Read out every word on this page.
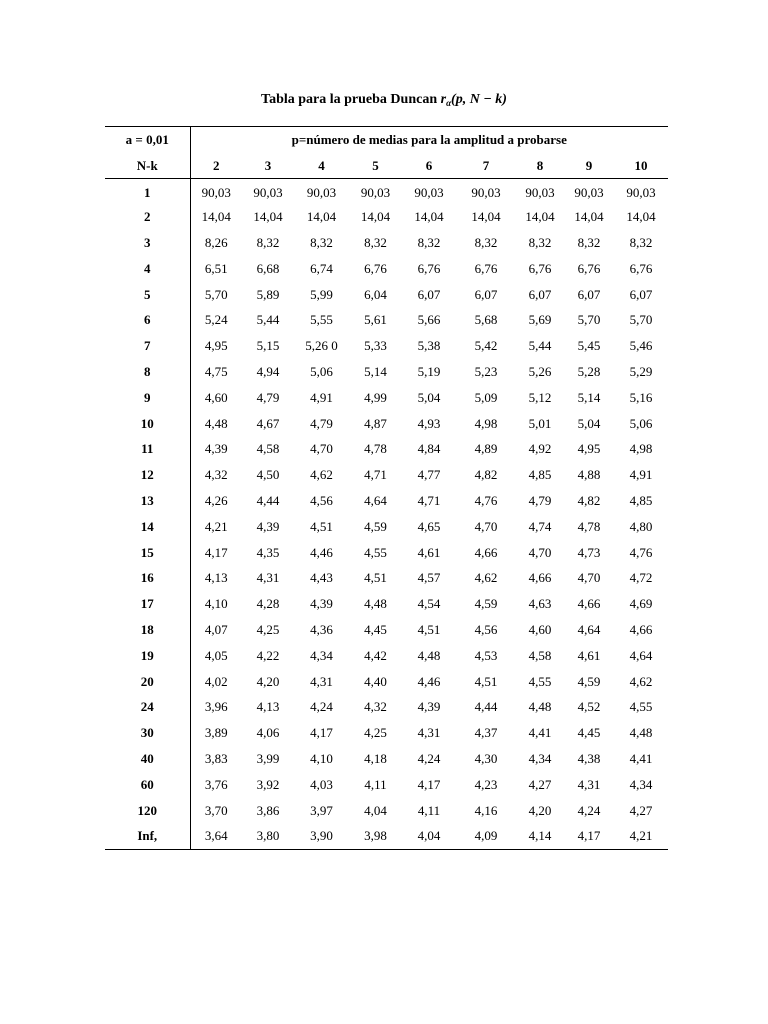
Tabla para la prueba Duncan $r_\alpha(p$, N − k)
a = 0,01	p=número de medias para la amplitud a probarse								
N-k	2	3	4	5	6	7	8	9	10
1	90,03	90,03	90,03	90,03	90,03	90,03	90,03	90,03	90,03
2	14,04	14,04	14,04	14,04	14,04	14,04	14,04	14,04	14,04
3	8,26	8,32	8,32	8,32	8,32	8,32	8,32	8,32	8,32
4	6,51	6,68	6,74	6,76	6,76	6,76	6,76	6,76	6,76
5	5,70	5,89	5,99	6,04	6,07	6,07	6,07	6,07	6,07
6	5,24	5,44	5,55	5,61	5,66	5,68	5,69	5,70	5,70
7	4,95	5,15	5,26 0	5,33	5,38	5,42	5,44	5,45	5,46
8	4,75	4,94	5,06	5,14	5,19	5,23	5,26	5,28	5,29
9	4,60	4,79	4,91	4,99	5,04	5,09	5,12	5,14	5,16
10	4,48	4,67	4,79	4,87	4,93	4,98	5,01	5,04	5,06
11	4,39	4,58	4,70	4,78	4,84	4,89	4,92	4,95	4,98
12	4,32	4,50	4,62	4,71	4,77	4,82	4,85	4,88	4,91
13	4,26	4,44	4,56	4,64	4,71	4,76	4,79	4,82	4,85
14	4,21	4,39	4,51	4,59	4,65	4,70	4,74	4,78	4,80
15	4,17	4,35	4,46	4,55	4,61	4,66	4,70	4,73	4,76
16	4,13	4,31	4,43	4,51	4,57	4,62	4,66	4,70	4,72
17	4,10	4,28	4,39	4,48	4,54	4,59	4,63	4,66	4,69
18	4,07	4,25	4,36	4,45	4,51	4,56	4,60	4,64	4,66
19	4,05	4,22	4,34	4,42	4,48	4,53	4,58	4,61	4,64
20	4,02	4,20	4,31	4,40	4,46	4,51	4,55	4,59	4,62
24	3,96	4,13	4,24	4,32	4,39	4,44	4,48	4,52	4,55
30	3,89	4,06	4,17	4,25	4,31	4,37	4,41	4,45	4,48
40	3,83	3,99	4,10	4,18	4,24	4,30	4,34	4,38	4,41
60	3,76	3,92	4,03	4,11	4,17	4,23	4,27	4,31	4,34
120	3,70	3,86	3,97	4,04	4,11	4,16	4,20	4,24	4,27
Inf,	3,64	3,80	3,90	3,98	4,04	4,09	4,14	4,17	4,21
